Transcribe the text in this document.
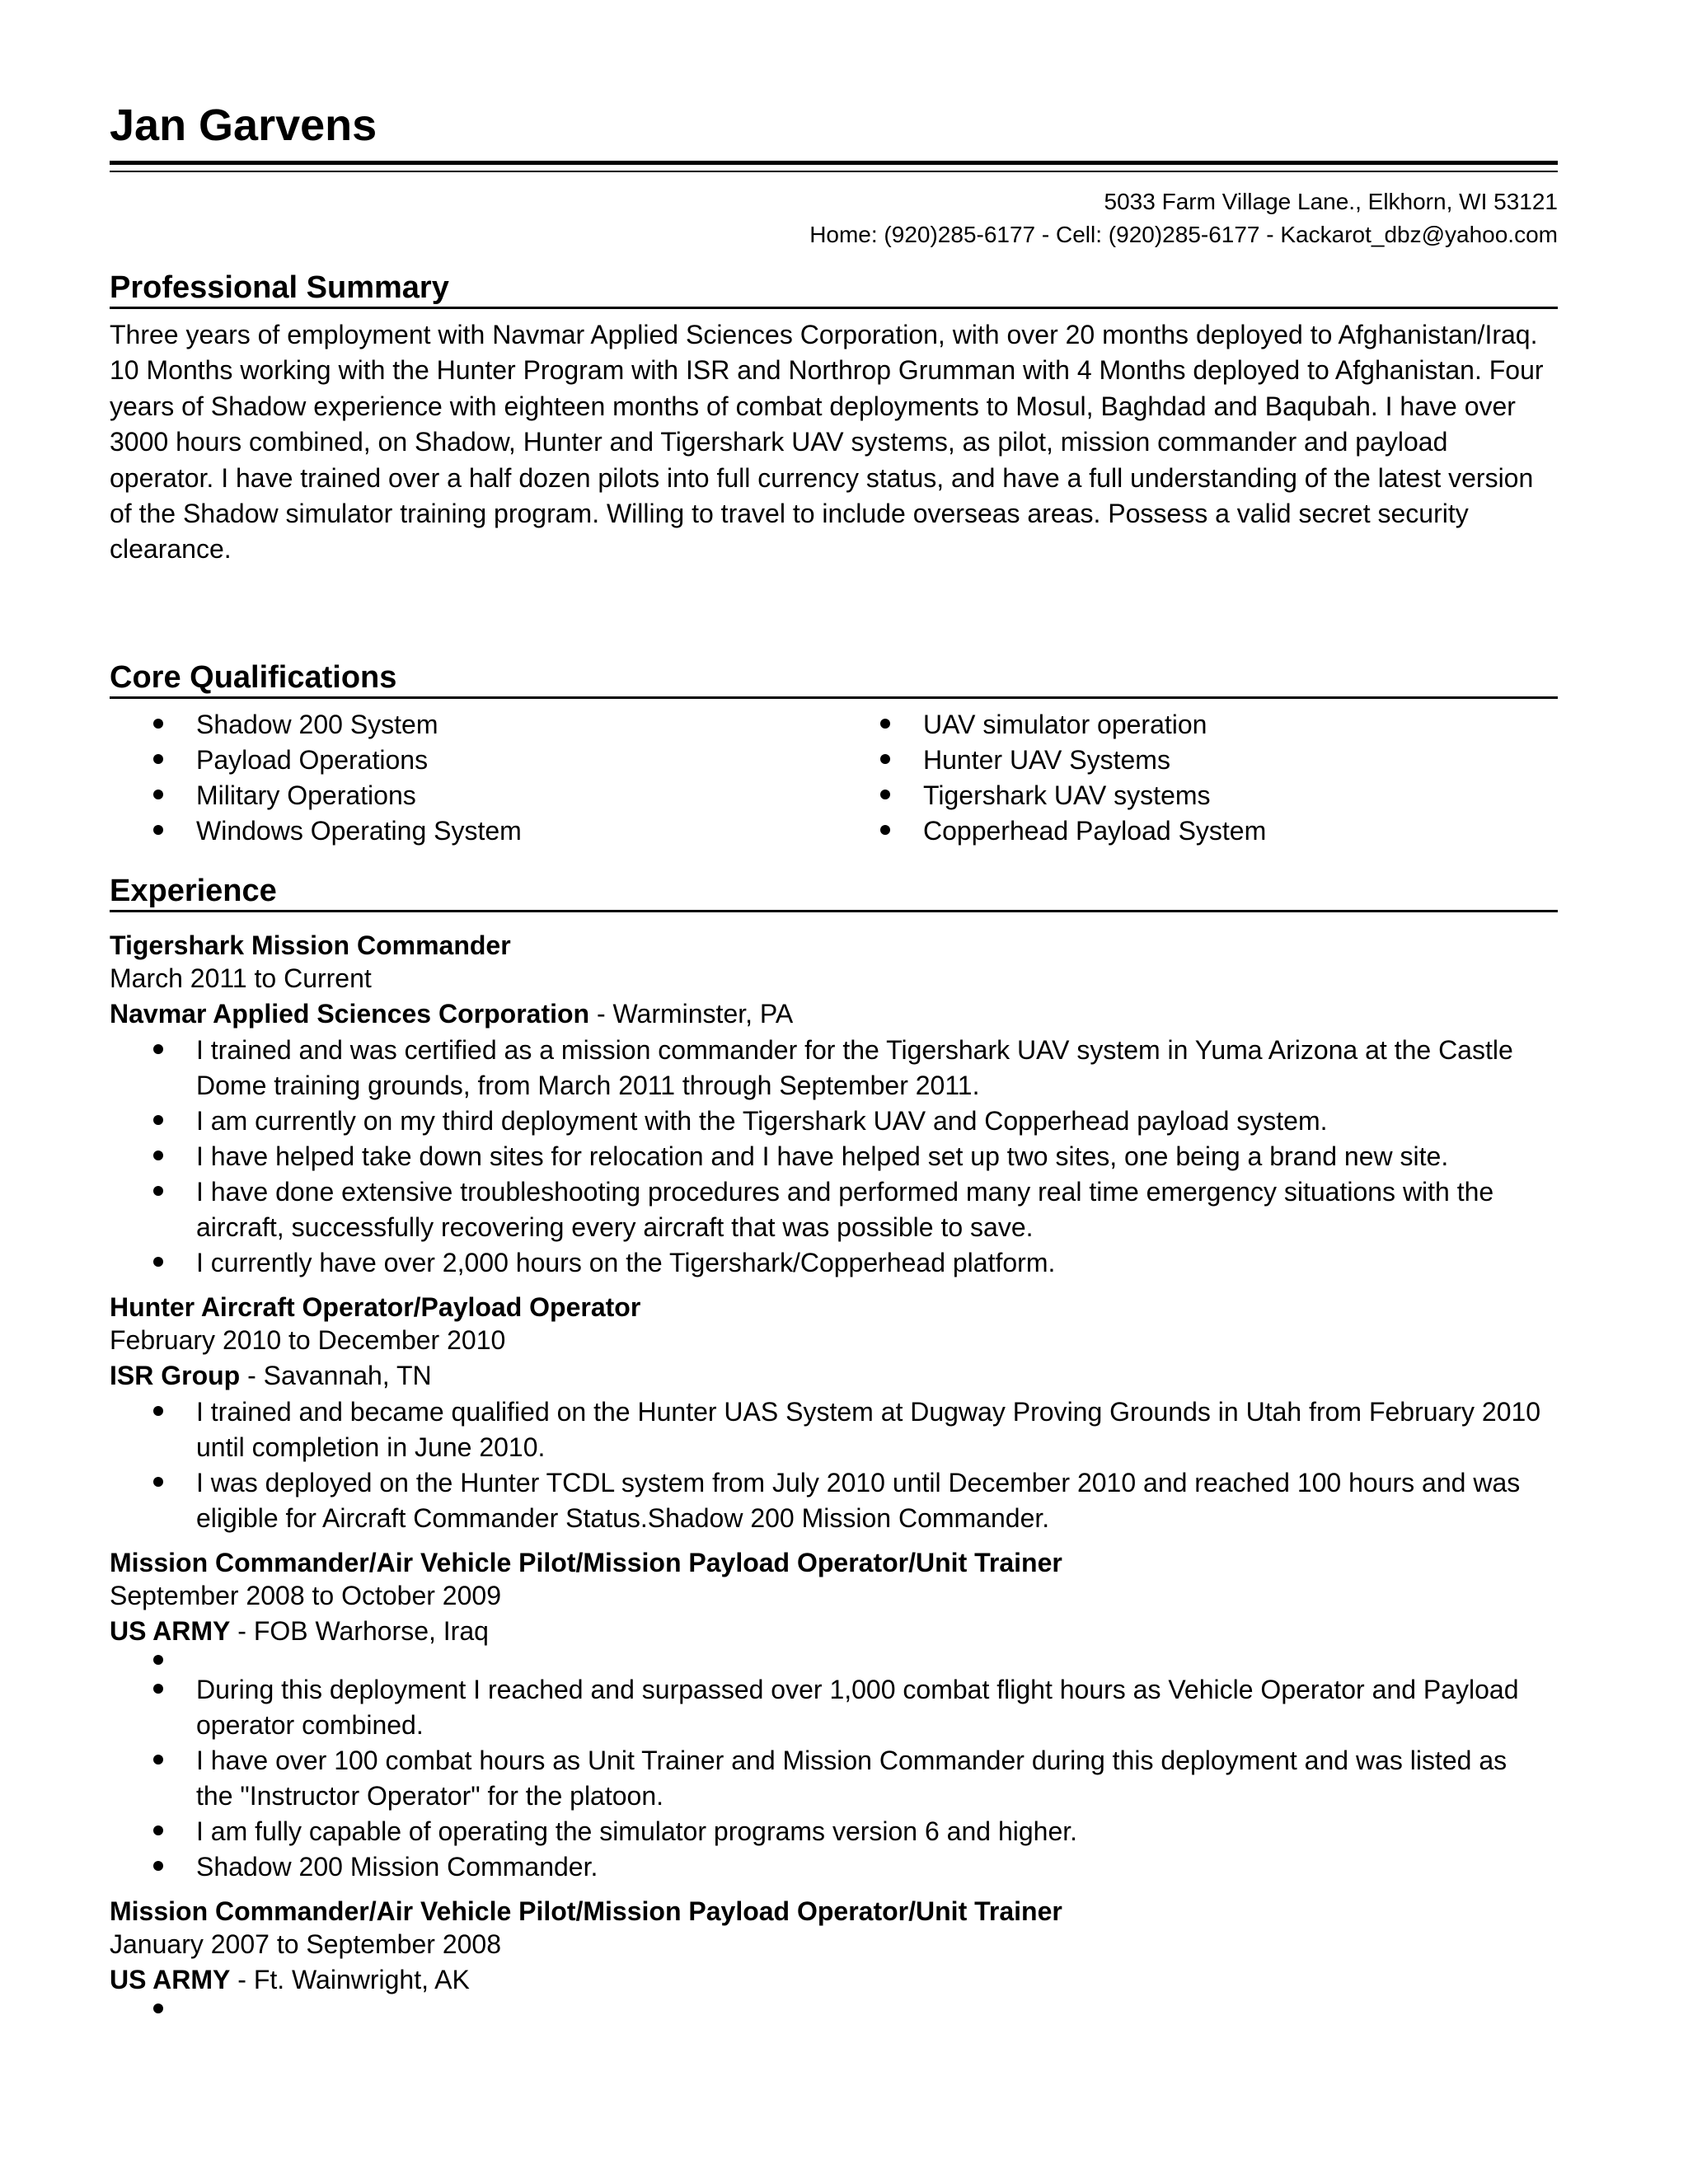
Jan Garvens
5033 Farm Village Lane., Elkhorn, WI 53121
Home: (920)285-6177 - Cell: (920)285-6177 - Kackarot_dbz@yahoo.com
Professional Summary

Three years of employment with Navmar Applied Sciences Corporation, with over 20 months deployed to Afghanistan/Iraq. 10 Months working with the Hunter Program with ISR and Northrop Grumman with 4 Months deployed to Afghanistan. Four years of Shadow experience with eighteen months of combat deployments to Mosul, Baghdad and Baqubah. I have over 3000 hours combined, on Shadow, Hunter and Tigershark UAV systems, as pilot, mission commander and payload operator. I have trained over a half dozen pilots into full currency status, and have a full understanding of the latest version of the Shadow simulator training program. Willing to travel to include overseas areas. Possess a valid secret security clearance.

Core Qualifications
Shadow 200 System
Payload Operations
Military Operations
Windows Operating System
UAV simulator operation
Hunter UAV Systems
Tigershark UAV systems
Copperhead Payload System
Experience

Tigershark Mission Commander

March 2011 to Current

Navmar Applied Sciences Corporation - Warminster, PA

I trained and was certified as a mission commander for the Tigershark UAV system in Yuma Arizona at the Castle Dome training grounds, from March 2011 through September 2011.
I am currently on my third deployment with the Tigershark UAV and Copperhead payload system.
I have helped take down sites for relocation and I have helped set up two sites, one being a brand new site.
I have done extensive troubleshooting procedures and performed many real time emergency situations with the aircraft, successfully recovering every aircraft that was possible to save.
I currently have over 2,000 hours on the Tigershark/Copperhead platform.

Hunter Aircraft Operator/Payload Operator

February 2010 to December 2010

ISR Group - Savannah, TN

I trained and became qualified on the Hunter UAS System at Dugway Proving Grounds in Utah from February 2010 until completion in June 2010.
I was deployed on the Hunter TCDL system from July 2010 until December 2010 and reached 100 hours and was eligible for Aircraft Commander Status.Shadow 200 Mission Commander.

Mission Commander/Air Vehicle Pilot/Mission Payload Operator/Unit Trainer

September 2008 to October 2009

US ARMY - FOB Warhorse, Iraq

During this deployment I reached and surpassed over 1,000 combat flight hours as Vehicle Operator and Payload operator combined.
I have over 100 combat hours as Unit Trainer and Mission Commander during this deployment and was listed as the "Instructor Operator" for the platoon.
I am fully capable of operating the simulator programs version 6 and higher.
Shadow 200 Mission Commander.

Mission Commander/Air Vehicle Pilot/Mission Payload Operator/Unit Trainer

January 2007 to September 2008

US ARMY - Ft. Wainwright, AK
